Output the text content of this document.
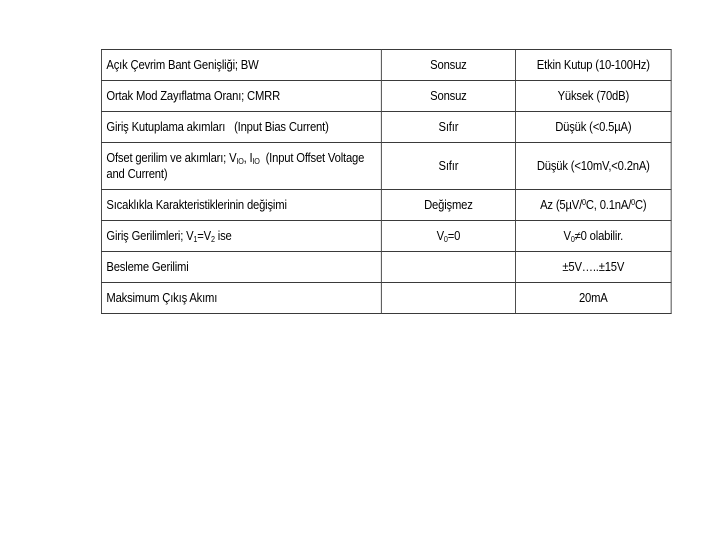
Açık Çevrim Bant Genişliği; BW	Sonsuz	Etkin Kutup (10-100Hz)
Ortak Mod Zayıflatma Oranı; CMRR	Sonsuz	Yüksek (70dB)
Giriş Kutuplama akımları   (Input Bias Current)	Sıfır	Düşük (<0.5µA)
Ofset gerilim ve akımları; $V_{IO}$, $I_{IO}$  (Input Offset Voltage and Current)	Sıfır	Düşük (<10mV,<0.2nA)
Sıcaklıkla Karakteristiklerinin değişimi	Değişmez	Az (5µV/$^0$C, 0.1nA/$^0$C)
Giriş Gerilimleri; $V_1=V_2$ ise	$V_0=0$	$V_0\ne 0$ olabilir.
Besleme Gerilimi		±5V…..±15V
Maksimum Çıkış Akımı		20mA
